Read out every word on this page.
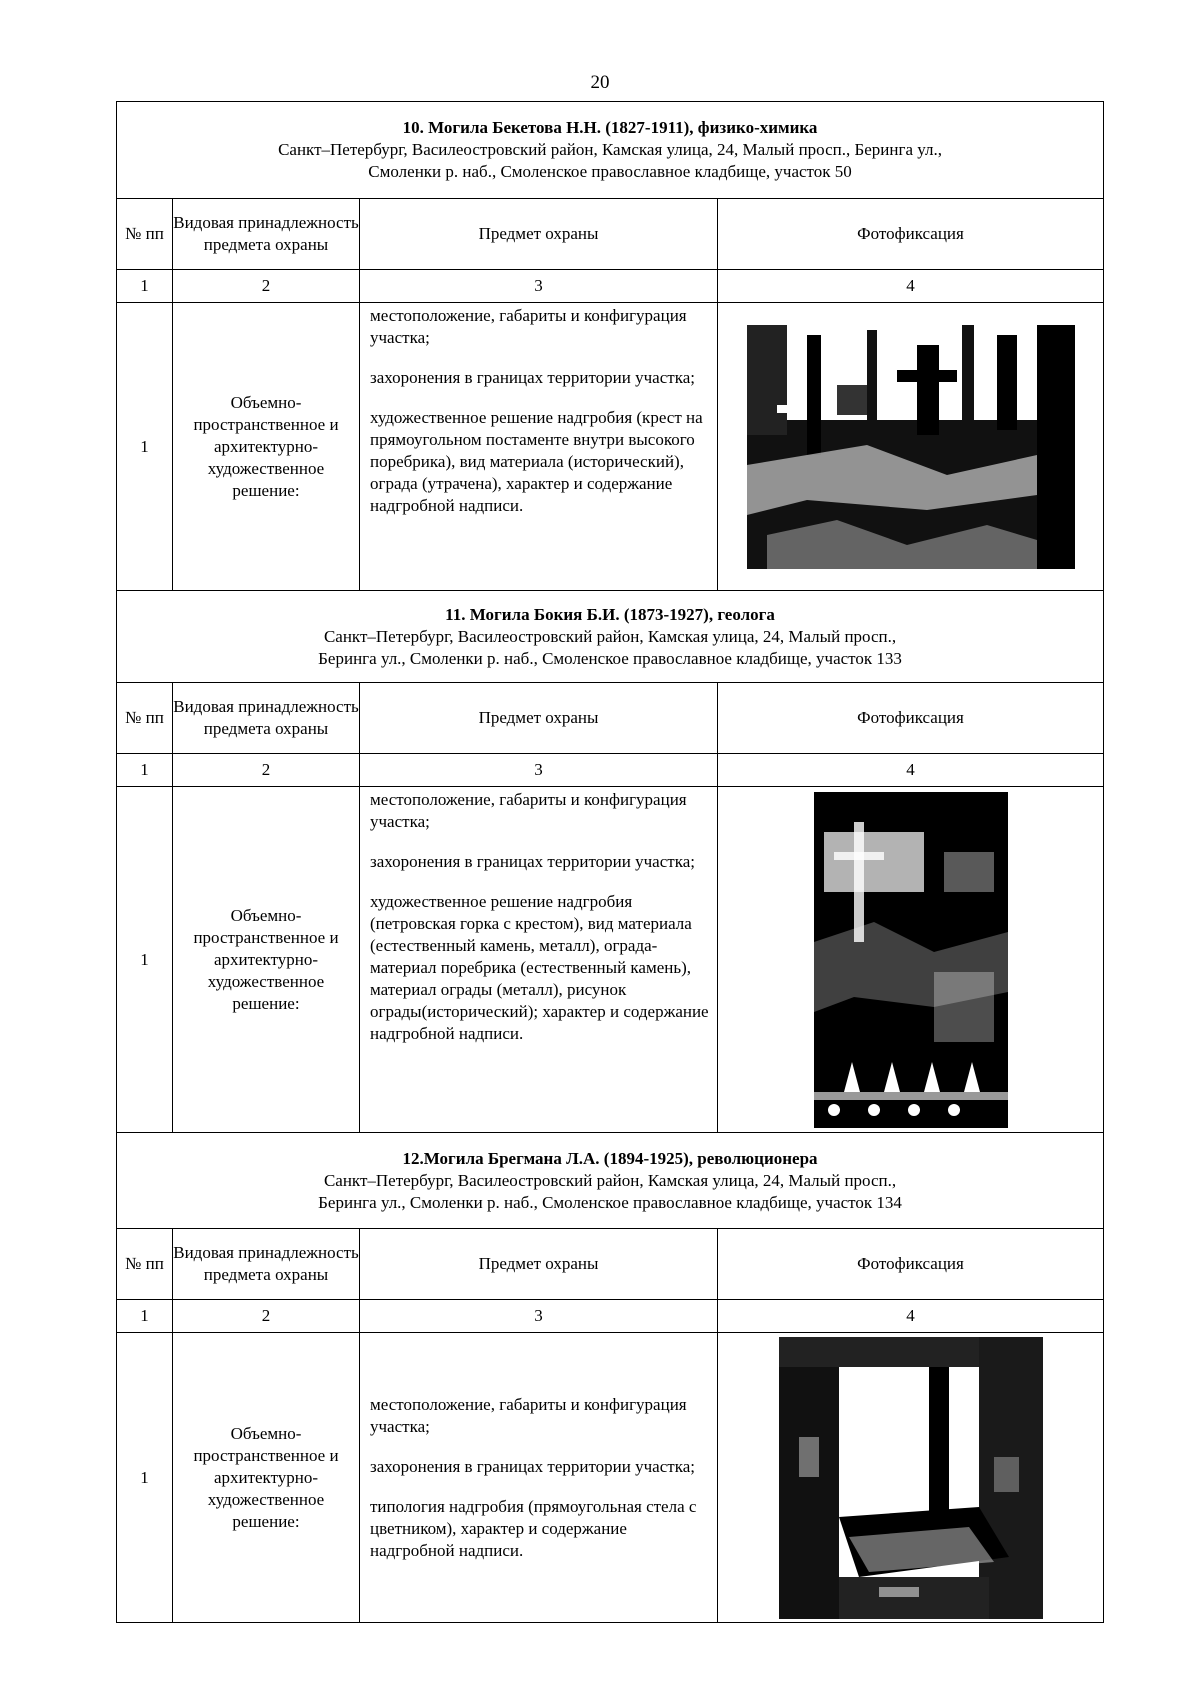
20
10. Могила Бекетова Н.Н. (1827-1911), физико-химика
Санкт–Петербург, Василеостровский район, Камская улица, 24, Малый просп., Беринга ул.,
Смоленки р. наб., Смоленское православное кладбище, участок 50			

№ пп	Видовая принадлежность предмета охраны	Предмет охраны	Фотофиксация
1	2	3	4
1	Объемно-пространственное и архитектурно-художественное решение:	местоположение, габариты и конфигурация участка;

захоронения в границах территории участка;

художественное решение надгробия (крест на прямоугольном постаменте внутри высокого поребрика), вид материала (исторический), ограда (утрачена), характер и содержание надгробной надписи.

11. Могила Бокия Б.И. (1873-1927), геолога
Санкт–Петербург, Василеостровский район, Камская улица, 24, Малый просп.,
Беринга ул., Смоленки р. наб., Смоленское православное кладбище, участок 133			

№ пп	Видовая принадлежность предмета охраны	Предмет охраны	Фотофиксация
1	2	3	4
1	Объемно-пространственное и архитектурно-художественное решение:	местоположение, габариты и конфигурация участка;

захоронения в границах территории участка;

художественное решение надгробия (петровская горка с крестом), вид материала (естественный камень, металл), ограда- материал поребрика (естественный камень), материал ограды (металл), рисунок ограды(исторический); характер и содержание надгробной надписи.

12.Могила Брегмана Л.А. (1894-1925), революционера
Санкт–Петербург, Василеостровский район, Камская улица, 24, Малый просп.,
Беринга ул., Смоленки р. наб., Смоленское православное кладбище, участок 134			

№ пп	Видовая принадлежность предмета охраны	Предмет охраны	Фотофиксация
1	2	3	4
1	Объемно-пространственное и архитектурно-художественное решение:	местоположение, габариты и конфигурация участка;

захоронения в границах территории участка;

типология надгробия (прямоугольная стела с цветником), характер и содержание надгробной надписи.
